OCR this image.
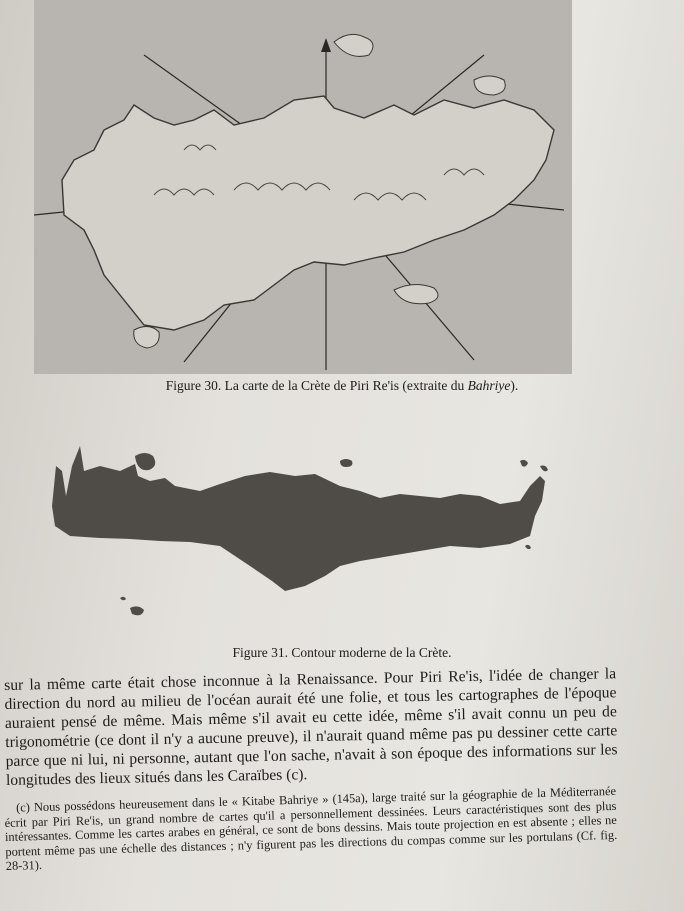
Figure 30. La carte de la Crète de Piri Re'is (extraite du Bahriye).
Figure 31. Contour moderne de la Crète.

sur la même carte était chose inconnue à la Renaissance. Pour Piri Re'is, l'idée de changer la direction du nord au milieu de l'océan aurait été une folie, et tous les cartographes de l'époque auraient pensé de même. Mais même s'il avait eu cette idée, même s'il avait connu un peu de trigonométrie (ce dont il n'y a aucune preuve), il n'aurait quand même pas pu dessiner cette carte parce que ni lui, ni personne, autant que l'on sache, n'avait à son époque des informations sur les longitudes des lieux situés dans les Caraïbes (c).

(c) Nous possédons heureusement dans le « Kitabe Bahriye » (145a), large traité sur la géographie de la Méditerranée écrit par Piri Re'is, un grand nombre de cartes qu'il a personnellement dessinées. Leurs caractéristiques sont des plus intéressantes. Comme les cartes arabes en général, ce sont de bons dessins. Mais toute projection en est absente ; elles ne portent même pas une échelle des distances ; n'y figurent pas les directions du compas comme sur les portulans (Cf. fig. 28-31).
